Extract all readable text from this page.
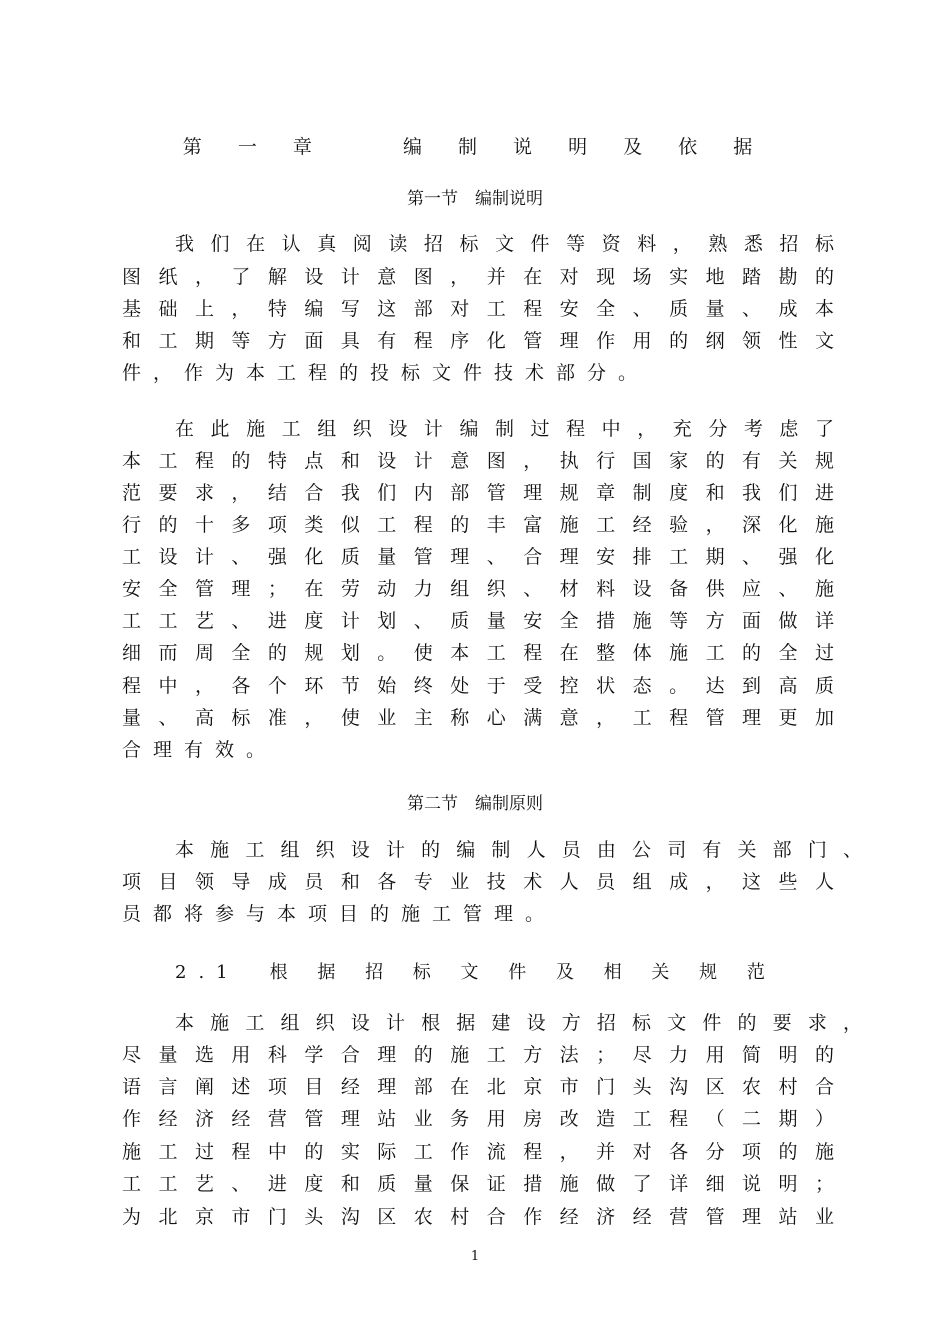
第 一 章 　 编 制 说 明 及 依 据
第一节　编制说明
我们在认真阅读招标文件等资料，熟悉招标
图纸，了解设计意图，并在对现场实地踏勘的
基础上，特编写这部对工程安全、质量、成本
和工期等方面具有程序化管理作用的纲领性文
件，作为本工程的投标文件技术部分。
在此施工组织设计编制过程中，充分考虑了
本工程的特点和设计意图，执行国家的有关规
范要求，结合我们内部管理规章制度和我们进
行的十多项类似工程的丰富施工经验，深化施
工设计、强化质量管理、合理安排工期、强化
安全管理；在劳动力组织、材料设备供应、施
工工艺、进度计划、质量安全措施等方面做详
细而周全的规划。使本工程在整体施工的全过
程中，各个环节始终处于受控状态。达到高质
量、高标准，使业主称心满意，工程管理更加
合理有效。
第二节　编制原则
本施工组织设计的编制人员由公司有关部门、
项目领导成员和各专业技术人员组成，这些人
员都将参与本项目的施工管理。
2.1　根 据 招 标 文 件 及 相 关 规 范
本施工组织设计根据建设方招标文件的要求，
尽量选用科学合理的施工方法；尽力用简明的
语言阐述项目经理部在北京市门头沟区农村合
作经济经营管理站业务用房改造工程（二期）
施工过程中的实际工作流程，并对各分项的施
工工艺、进度和质量保证措施做了详细说明；
为北京市门头沟区农村合作经济经营管理站业
1
